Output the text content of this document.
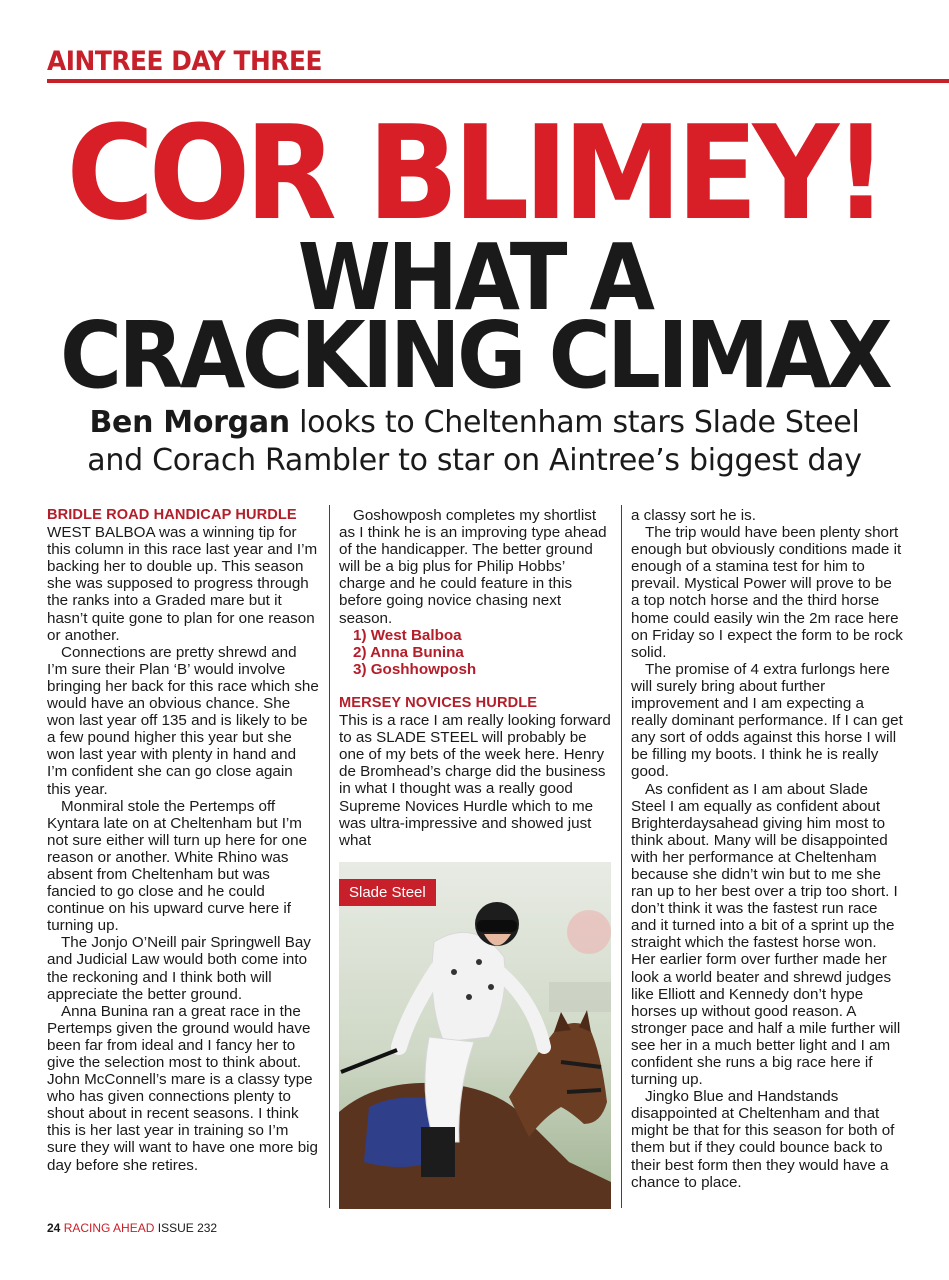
AINTREE DAY THREE
COR BLIMEY!
WHAT A
CRACKING CLIMAX
Ben Morgan looks to Cheltenham stars Slade Steel
and Corach Rambler to star on Aintree’s biggest day
BRIDLE ROAD HANDICAP HURDLE

WEST BALBOA was a winning tip for this column in this race last year and I’m backing her to double up. This season she was supposed to progress through the ranks into a Graded mare but it hasn’t quite gone to plan for one reason or another.

Connections are pretty shrewd and I’m sure their Plan ‘B’ would involve bringing her back for this race which she would have an obvious chance. She won last year off 135 and is likely to be a few pound higher this year but she won last year with plenty in hand and I’m confident she can go close again this year.

Monmiral stole the Pertemps off Kyntara late on at Cheltenham but I’m not sure either will turn up here for one reason or another. White Rhino was absent from Cheltenham but was fancied to go close and he could continue on his upward curve here if turning up.

The Jonjo O’Neill pair Springwell Bay and Judicial Law would both come into the reckoning and I think both will appreciate the better ground.

Anna Bunina ran a great race in the Pertemps given the ground would have been far from ideal and I fancy her to give the selection most to think about. John McConnell’s mare is a classy type who has given connections plenty to shout about in recent seasons. I think this is her last year in training so I’m sure they will want to have one more big day before she retires.

Goshowposh completes my shortlist as I think he is an improving type ahead of the handicapper. The better ground will be a big plus for Philip Hobbs’ charge and he could feature in this before going novice chasing next season.

1) West Balboa
2) Anna Bunina
3) Goshhowposh
MERSEY NOVICES HURDLE

This is a race I am really looking forward to as SLADE STEEL will probably be one of my bets of the week here. Henry de Bromhead’s charge did the business in what I thought was a really good Supreme Novices Hurdle which to me was ultra-impressive and showed just what

Slade Steel

a classy sort he is.

The trip would have been plenty short enough but obviously conditions made it enough of a stamina test for him to prevail. Mystical Power will prove to be a top notch horse and the third horse home could easily win the 2m race here on Friday so I expect the form to be rock solid.

The promise of 4 extra furlongs here will surely bring about further improvement and I am expecting a really dominant performance. If I can get any sort of odds against this horse I will be filling my boots. I think he is really good.

As confident as I am about Slade Steel I am equally as confident about Brighterdaysahead giving him most to think about. Many will be disappointed with her performance at Cheltenham because she didn’t win but to me she ran up to her best over a trip too short. I don’t think it was the fastest run race and it turned into a bit of a sprint up the straight which the fastest horse won. Her earlier form over further made her look a world beater and shrewd judges like Elliott and Kennedy don’t hype horses up without good reason. A stronger pace and half a mile further will see her in a much better light and I am confident she runs a big race here if turning up.

Jingko Blue and Handstands disappointed at Cheltenham and that might be that for this season for both of them but if they could bounce back to their best form then they would have a chance to place.

24 RACING AHEAD ISSUE 232
